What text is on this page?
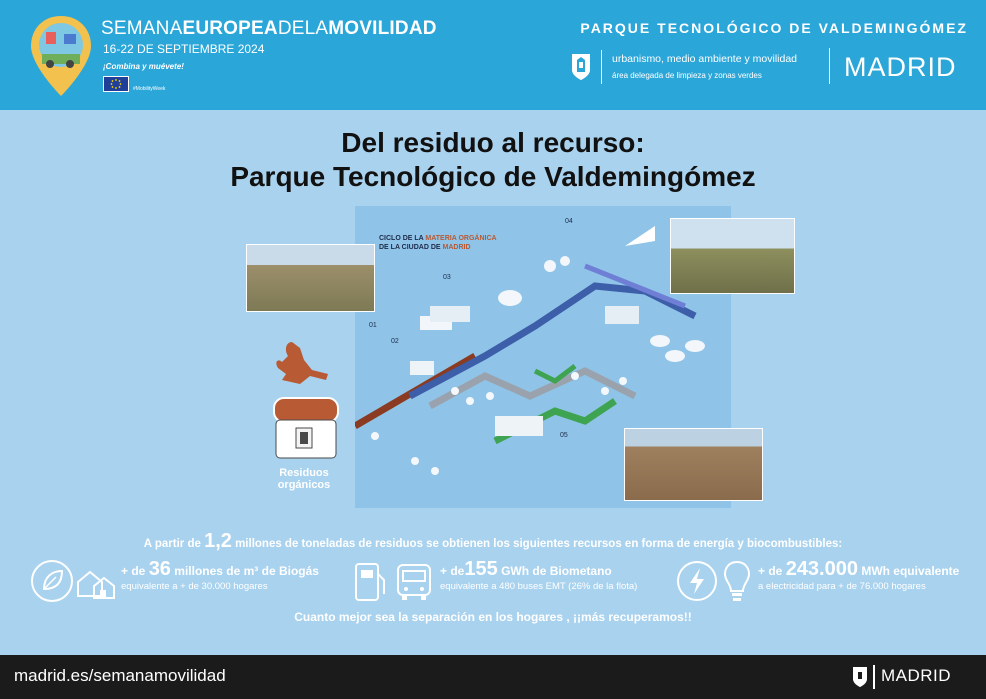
SEMANAEUROPEADELAMOVILIDAD
16-22 DE SEPTIEMBRE 2024
¡Combina y muévete!
#MobilityWeek
PARQUE TECNOLÓGICO DE VALDEMINGÓMEZ
urbanismo, medio ambiente y movilidad
área delegada de limpieza y zonas verdes	MADRID
Del residuo al recurso:
Parque Tecnológico de Valdemingómez
CICLO DE LA MATERIA ORGÁNICA
DE LA CIUDAD DE MADRID
01
02
03
04
05
Residuos
orgánicos
A partir de 1,2 millones de toneladas de residuos se obtienen los siguientes recursos en forma de energía y biocombustibles:
+ de 36 millones de m³ de Biogás
equivalente a + de 30.000 hogares
+ de155 GWh de Biometano
equivalente a 480 buses EMT (26% de la flota)
+ de 243.000 MWh equivalente
a electricidad para + de 76.000 hogares
Cuanto mejor sea la separación en los hogares , ¡¡más recuperamos!!
madrid.es/semanamovilidad	MADRID
